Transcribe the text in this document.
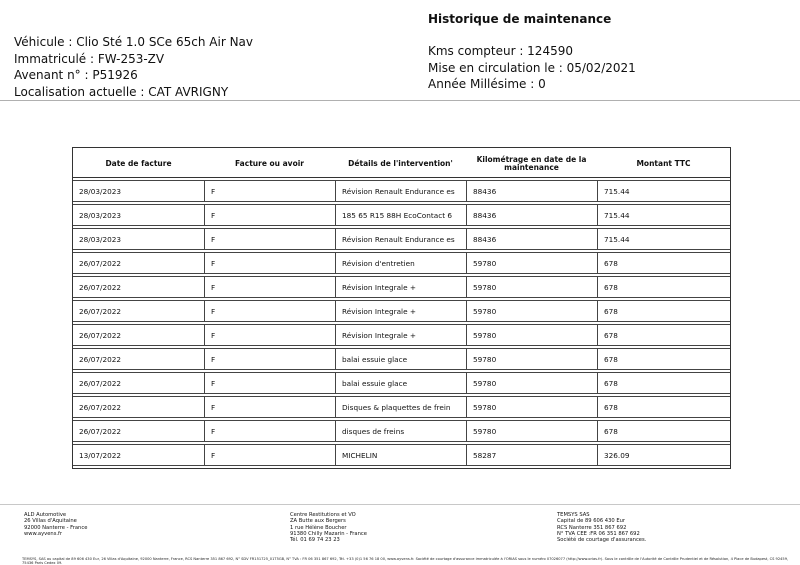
Véhicule : Clio Sté 1.0 SCe 65ch Air Nav
Immatriculé : FW-253-ZV
Avenant n° : P51926
Localisation actuelle : CAT AVRIGNY
Historique de maintenance
Kms compteur : 124590
Mise en circulation le : 05/02/2021
Année Millésime : 0
Date de facture	Facture ou avoir	Détails de l'intervention'	Kilométrage en date de la maintenance	Montant TTC
28/03/2023	F	Révision Renault Endurance es	88436	715.44
28/03/2023	F	185 65 R15 88H EcoContact 6	88436	715.44
28/03/2023	F	Révision Renault Endurance es	88436	715.44
26/07/2022	F	Révision d'entretien	59780	678
26/07/2022	F	Révision Integrale +	59780	678
26/07/2022	F	Révision Integrale +	59780	678
26/07/2022	F	Révision Integrale +	59780	678
26/07/2022	F	balai essuie glace	59780	678
26/07/2022	F	balai essuie glace	59780	678
26/07/2022	F	Disques & plaquettes de frein	59780	678
26/07/2022	F	disques de freins	59780	678
13/07/2022	F	MICHELIN	58287	326.09
ALD Automotive
26 Villas d'Aquitaine
92000 Nanterre - France
www.ayvens.fr
Centre Restitutions et VO
ZA Butte aux Bergers
1 rue Hélène Boucher
91380 Chilly Mazarin - France
Tél. 01 69 74 23 23
TEMSYS SAS
Capital de 89 606 430 Eur
RCS Nanterre 351 867 692
N° TVA CEE :FR 06 351 867 692
Société de courtage d'assurances.
TEMSYS, SAS au capital de 89 606 430 Eur, 26 Villas d'Aquitaine, 92000 Nanterre, France, RCS Nanterre 351 867 692, N° SDV FR151725_01T5GB, N° TVA : FR 06 351 867 692, Tél. +33 (0)1 56 76 18 00, www.ayvens.fr. Société de courtage d'assurance immatriculée à l'ORIAS sous le numéro 07026077 (http://www.orias.fr). Sous le contrôle de l'Autorité de Contrôle Prudentiel et de Résolution, 4 Place de Budapest, CS 92459, 75436 Paris Cedex 09.
